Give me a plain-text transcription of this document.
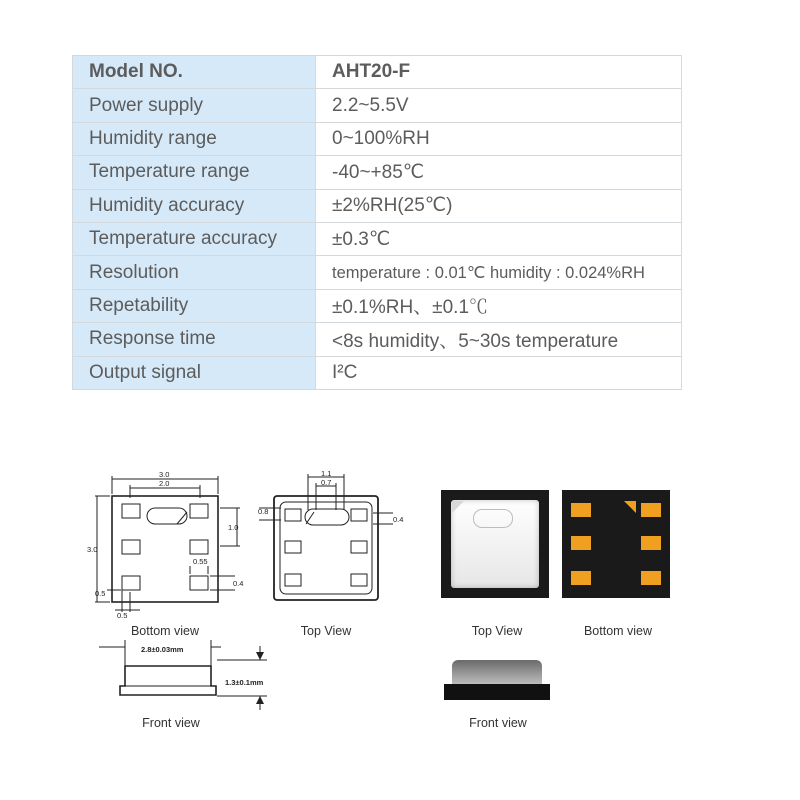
Model NO.	AHT20-F
Power supply	2.2~5.5V
Humidity range	0~100%RH
Temperature range	-40~+85℃
Humidity accuracy	±2%RH(25℃)
Temperature accuracy	±0.3℃
Resolution	temperature : 0.01℃ humidity : 0.024%RH
Repetability	±0.1%RH、±0.1℃
Response time	<8s humidity、5~30s temperature
Output signal	I²C
3.0
2.0
3.0
1.0
0.55
0.4
0.5
0.5
Bottom view
1.1
0.7
0.8
0.4
Top View	Top View	Bottom view
2.8±0.03mm
1.3±0.1mm
Front view	Front view
